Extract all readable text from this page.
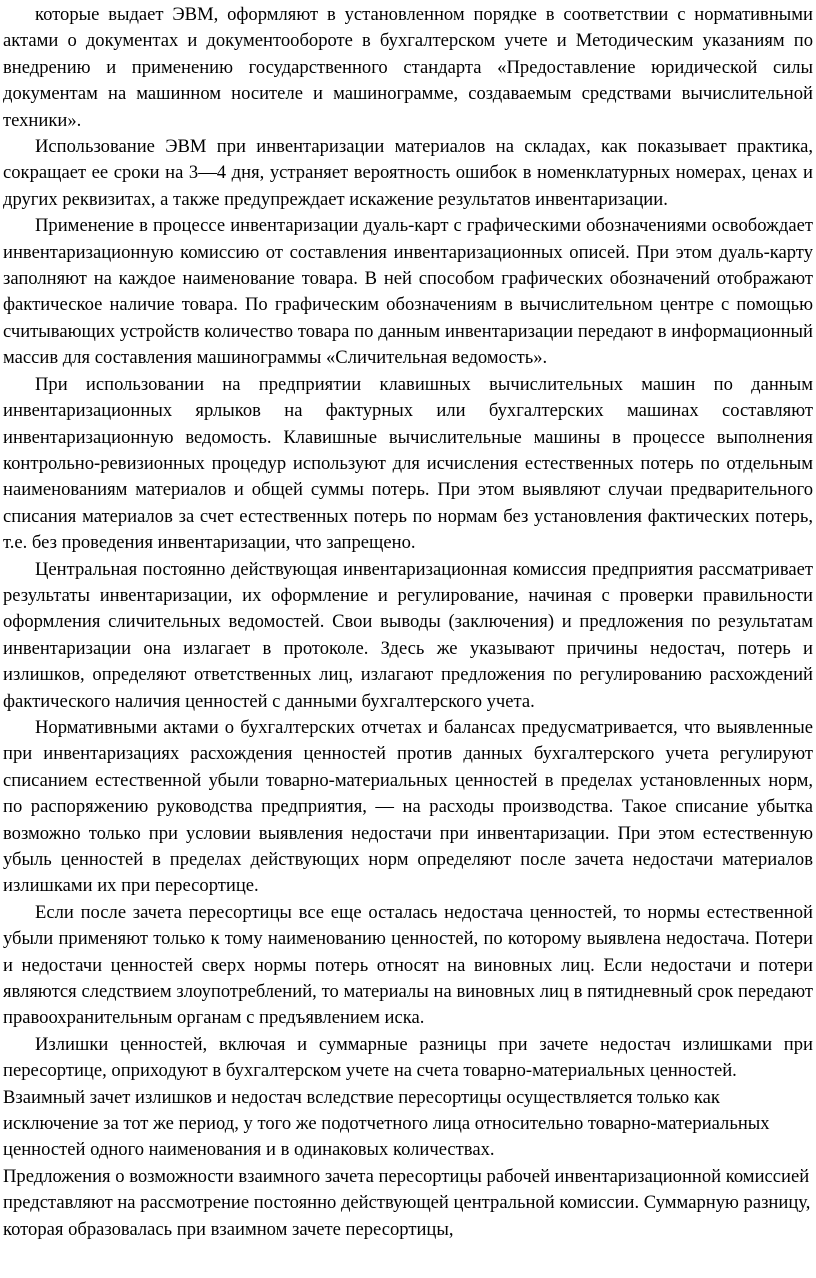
которые выдает ЭВМ, оформляют в установленном порядке в соответствии с нормативными актами о документах и документообороте в бухгалтерском учете и Методическим указаниям по внедрению и применению государственного стандарта «Предоставление юридической силы документам на машинном носителе и машинограмме, создаваемым средствами вычислительной техники».

Использование ЭВМ при инвентаризации материалов на складах, как показывает практика, сокращает ее сроки на 3—4 дня, устраняет вероятность ошибок в номенклатурных номерах, ценах и других реквизитах, а также предупреждает искажение результатов инвентаризации.

Применение в процессе инвентаризации дуаль-карт с графическими обозначениями освобождает инвентаризационную комиссию от составления инвентаризационных описей. При этом дуаль-карту заполняют на каждое наименование товара. В ней способом графических обозначений отображают фактическое наличие товара. По графическим обозначениям в вычислительном центре с помощью считывающих устройств количество товара по данным инвентаризации передают в информационный массив для составления машинограммы «Сличительная ведомость».

При использовании на предприятии клавишных вычислительных машин по данным инвентаризационных ярлыков на фактурных или бухгалтерских машинах составляют инвентаризационную ведомость. Клавишные вычислительные машины в процессе выполнения контрольно-ревизионных процедур используют для исчисления естественных потерь по отдельным наименованиям материалов и общей суммы потерь. При этом выявляют случаи предварительного списания материалов за счет естественных потерь по нормам без установления фактических потерь, т.е. без проведения инвентаризации, что запрещено.

Центральная постоянно действующая инвентаризационная комиссия предприятия рассматривает результаты инвентаризации, их оформление и регулирование, начиная с проверки правильности оформления сличительных ведомостей. Свои выводы (заключения) и предложения по результатам инвентаризации она излагает в протоколе. Здесь же указывают причины недостач, потерь и излишков, определяют ответственных лиц, излагают предложения по регулированию расхождений фактического наличия ценностей с данными бухгалтерского учета.

Нормативными актами о бухгалтерских отчетах и балансах предусматривается, что выявленные при инвентаризациях расхождения ценностей против данных бухгалтерского учета регулируют списанием естественной убыли товарно-материальных ценностей в пределах установленных норм, по распоряжению руководства предприятия, — на расходы производства. Такое списание убытка возможно только при условии выявления недостачи при инвентаризации. При этом естественную убыль ценностей в пределах действующих норм определяют после зачета недостачи материалов излишками их при пересортице.

Если после зачета пересортицы все еще осталась недостача ценностей, то нормы естественной убыли применяют только к тому наименованию ценностей, по которому выявлена недостача. Потери и недостачи ценностей сверх нормы потерь относят на виновных лиц. Если недостачи и потери являются следствием злоупотреблений, то материалы на виновных лиц в пятидневный срок передают правоохранительным органам с предъявлением иска.

Излишки ценностей, включая и суммарные разницы при зачете недостач излишками при пересортице, оприходуют в бухгалтерском учете на счета товарно-материальных ценностей.

Взаимный зачет излишков и недостач вследствие пересортицы осуществляется только как исключение за тот же период, у того же подотчетного лица относительно товарно-материальных ценностей одного наименования и в одинаковых количествах.

Предложения о возможности взаимного зачета пересортицы рабочей инвентаризационной комиссией представляют на рассмотрение постоянно действующей центральной комиссии. Суммарную разницу, которая образовалась при взаимном зачете пересортицы,
